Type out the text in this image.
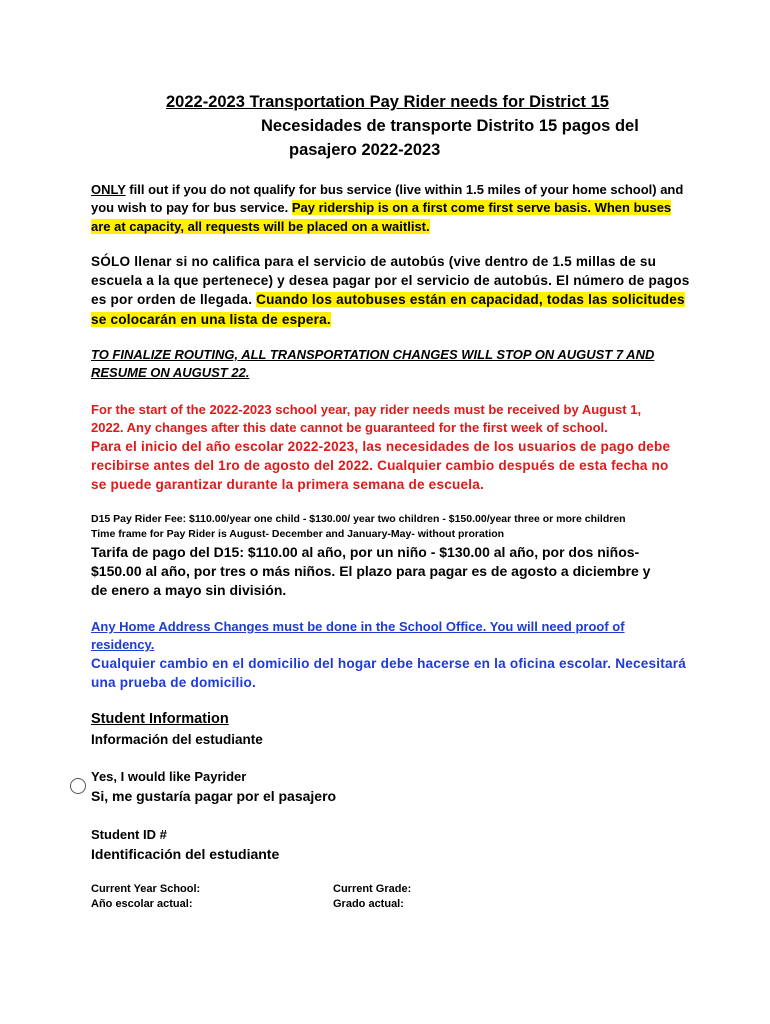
2022-2023 Transportation Pay Rider needs for District 15
Necesidades de transporte Distrito 15 pagos del
pasajero 2022-2023

ONLY fill out if you do not qualify for bus service (live within 1.5 miles of your home school) and you wish to pay for bus service. Pay ridership is on a first come first serve basis. When buses are at capacity, all requests will be placed on a waitlist.

SÓLO llenar si no califica para el servicio de autobús (vive dentro de 1.5 millas de su escuela a la que pertenece) y desea pagar por el servicio de autobús. El número de pagos es por orden de llegada. Cuando los autobuses están en capacidad, todas las solicitudes se colocarán en una lista de espera.

TO FINALIZE ROUTING, ALL TRANSPORTATION CHANGES WILL STOP ON AUGUST 7 AND RESUME ON AUGUST 22.

For the start of the 2022-2023 school year, pay rider needs must be received by August 1, 2022. Any changes after this date cannot be guaranteed for the first week of school.

Para el inicio del año escolar 2022-2023, las necesidades de los usuarios de pago debe recibirse antes del 1ro de agosto del 2022. Cualquier cambio después de esta fecha no se puede garantizar durante la primera semana de escuela.

D15 Pay Rider Fee: $110.00/year one child - $130.00/ year two children - $150.00/year three or more children
Time frame for Pay Rider is August- December and January-May- without proration

Tarifa de pago del D15: $110.00 al año, por un niño - $130.00 al año, por dos niños- $150.00 al año, por tres o más niños. El plazo para pagar es de agosto a diciembre y de enero a mayo sin división.

Any Home Address Changes must be done in the School Office. You will need proof of residency.

Cualquier cambio en el domicilio del hogar debe hacerse en la oficina escolar. Necesitará una prueba de domicilio.

Student Information
Información del estudiante
Yes, I would like Payrider
Si, me gustaría pagar por el pasajero
Student ID #
Identificación del estudiante
Current Year School:
Año escolar actual:
Current Grade:
Grado actual:
